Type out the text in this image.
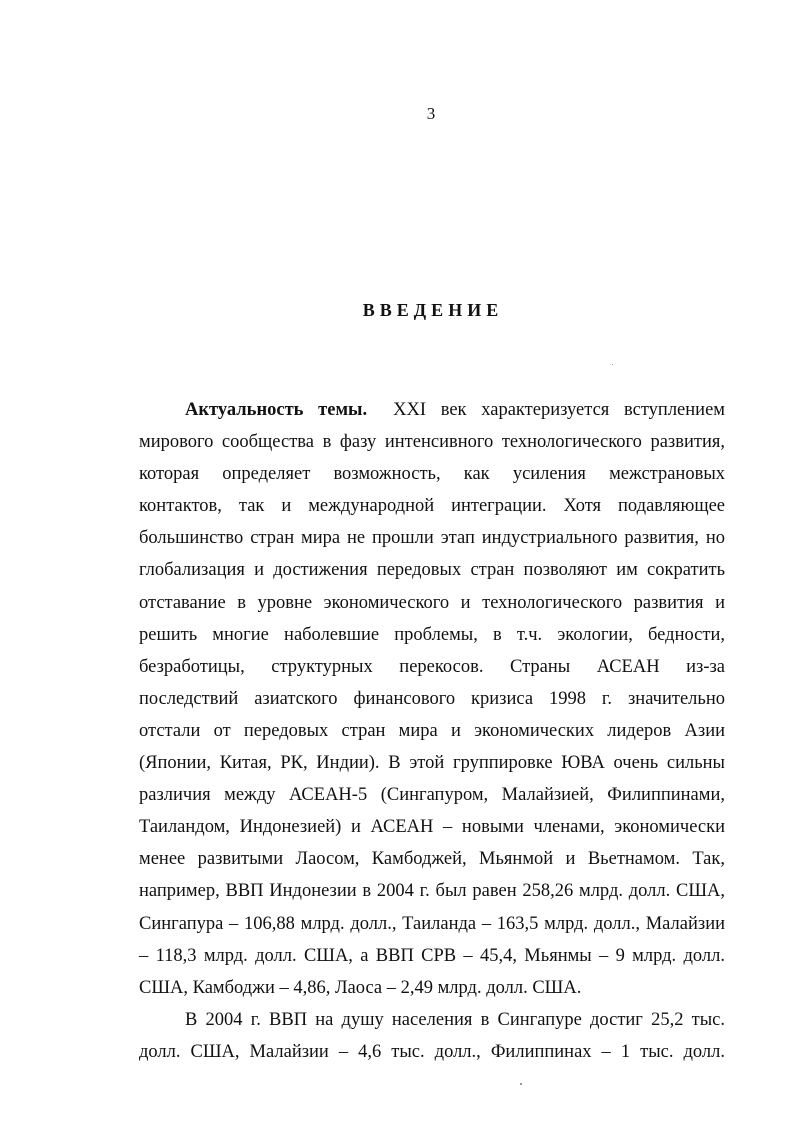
3
ВВЕДЕНИЕ
Актуальность темы. XXI век характеризуется вступлением
мирового сообщества в фазу интенсивного технологического развития,
которая определяет возможность, как усиления межстрановых
контактов, так и международной интеграции. Хотя подавляющее
большинство стран мира не прошли этап индустриального развития, но
глобализация и достижения передовых стран позволяют им сократить
отставание в уровне экономического и технологического развития и
решить многие наболевшие проблемы, в т.ч. экологии, бедности,
безработицы, структурных перекосов. Страны АСЕАН из-за
последствий азиатского финансового кризиса 1998 г. значительно
отстали от передовых стран мира и экономических лидеров Азии
(Японии, Китая, РК, Индии). В этой группировке ЮВА очень сильны
различия между АСЕАН-5 (Сингапуром, Малайзией, Филиппинами,
Таиландом, Индонезией) и АСЕАН – новыми членами, экономически
менее развитыми Лаосом, Камбоджей, Мьянмой и Вьетнамом. Так,
например, ВВП Индонезии в 2004 г. был равен 258,26 млрд. долл. США,
Сингапура – 106,88 млрд. долл., Таиланда – 163,5 млрд. долл., Малайзии
– 118,3 млрд. долл. США, а ВВП СРВ – 45,4, Мьянмы – 9 млрд. долл.
США, Камбоджи – 4,86, Лаоса – 2,49 млрд. долл. США.
В 2004 г. ВВП на душу населения в Сингапуре достиг 25,2 тыс.
долл. США, Малайзии – 4,6 тыс. долл., Филиппинах – 1 тыс. долл.
